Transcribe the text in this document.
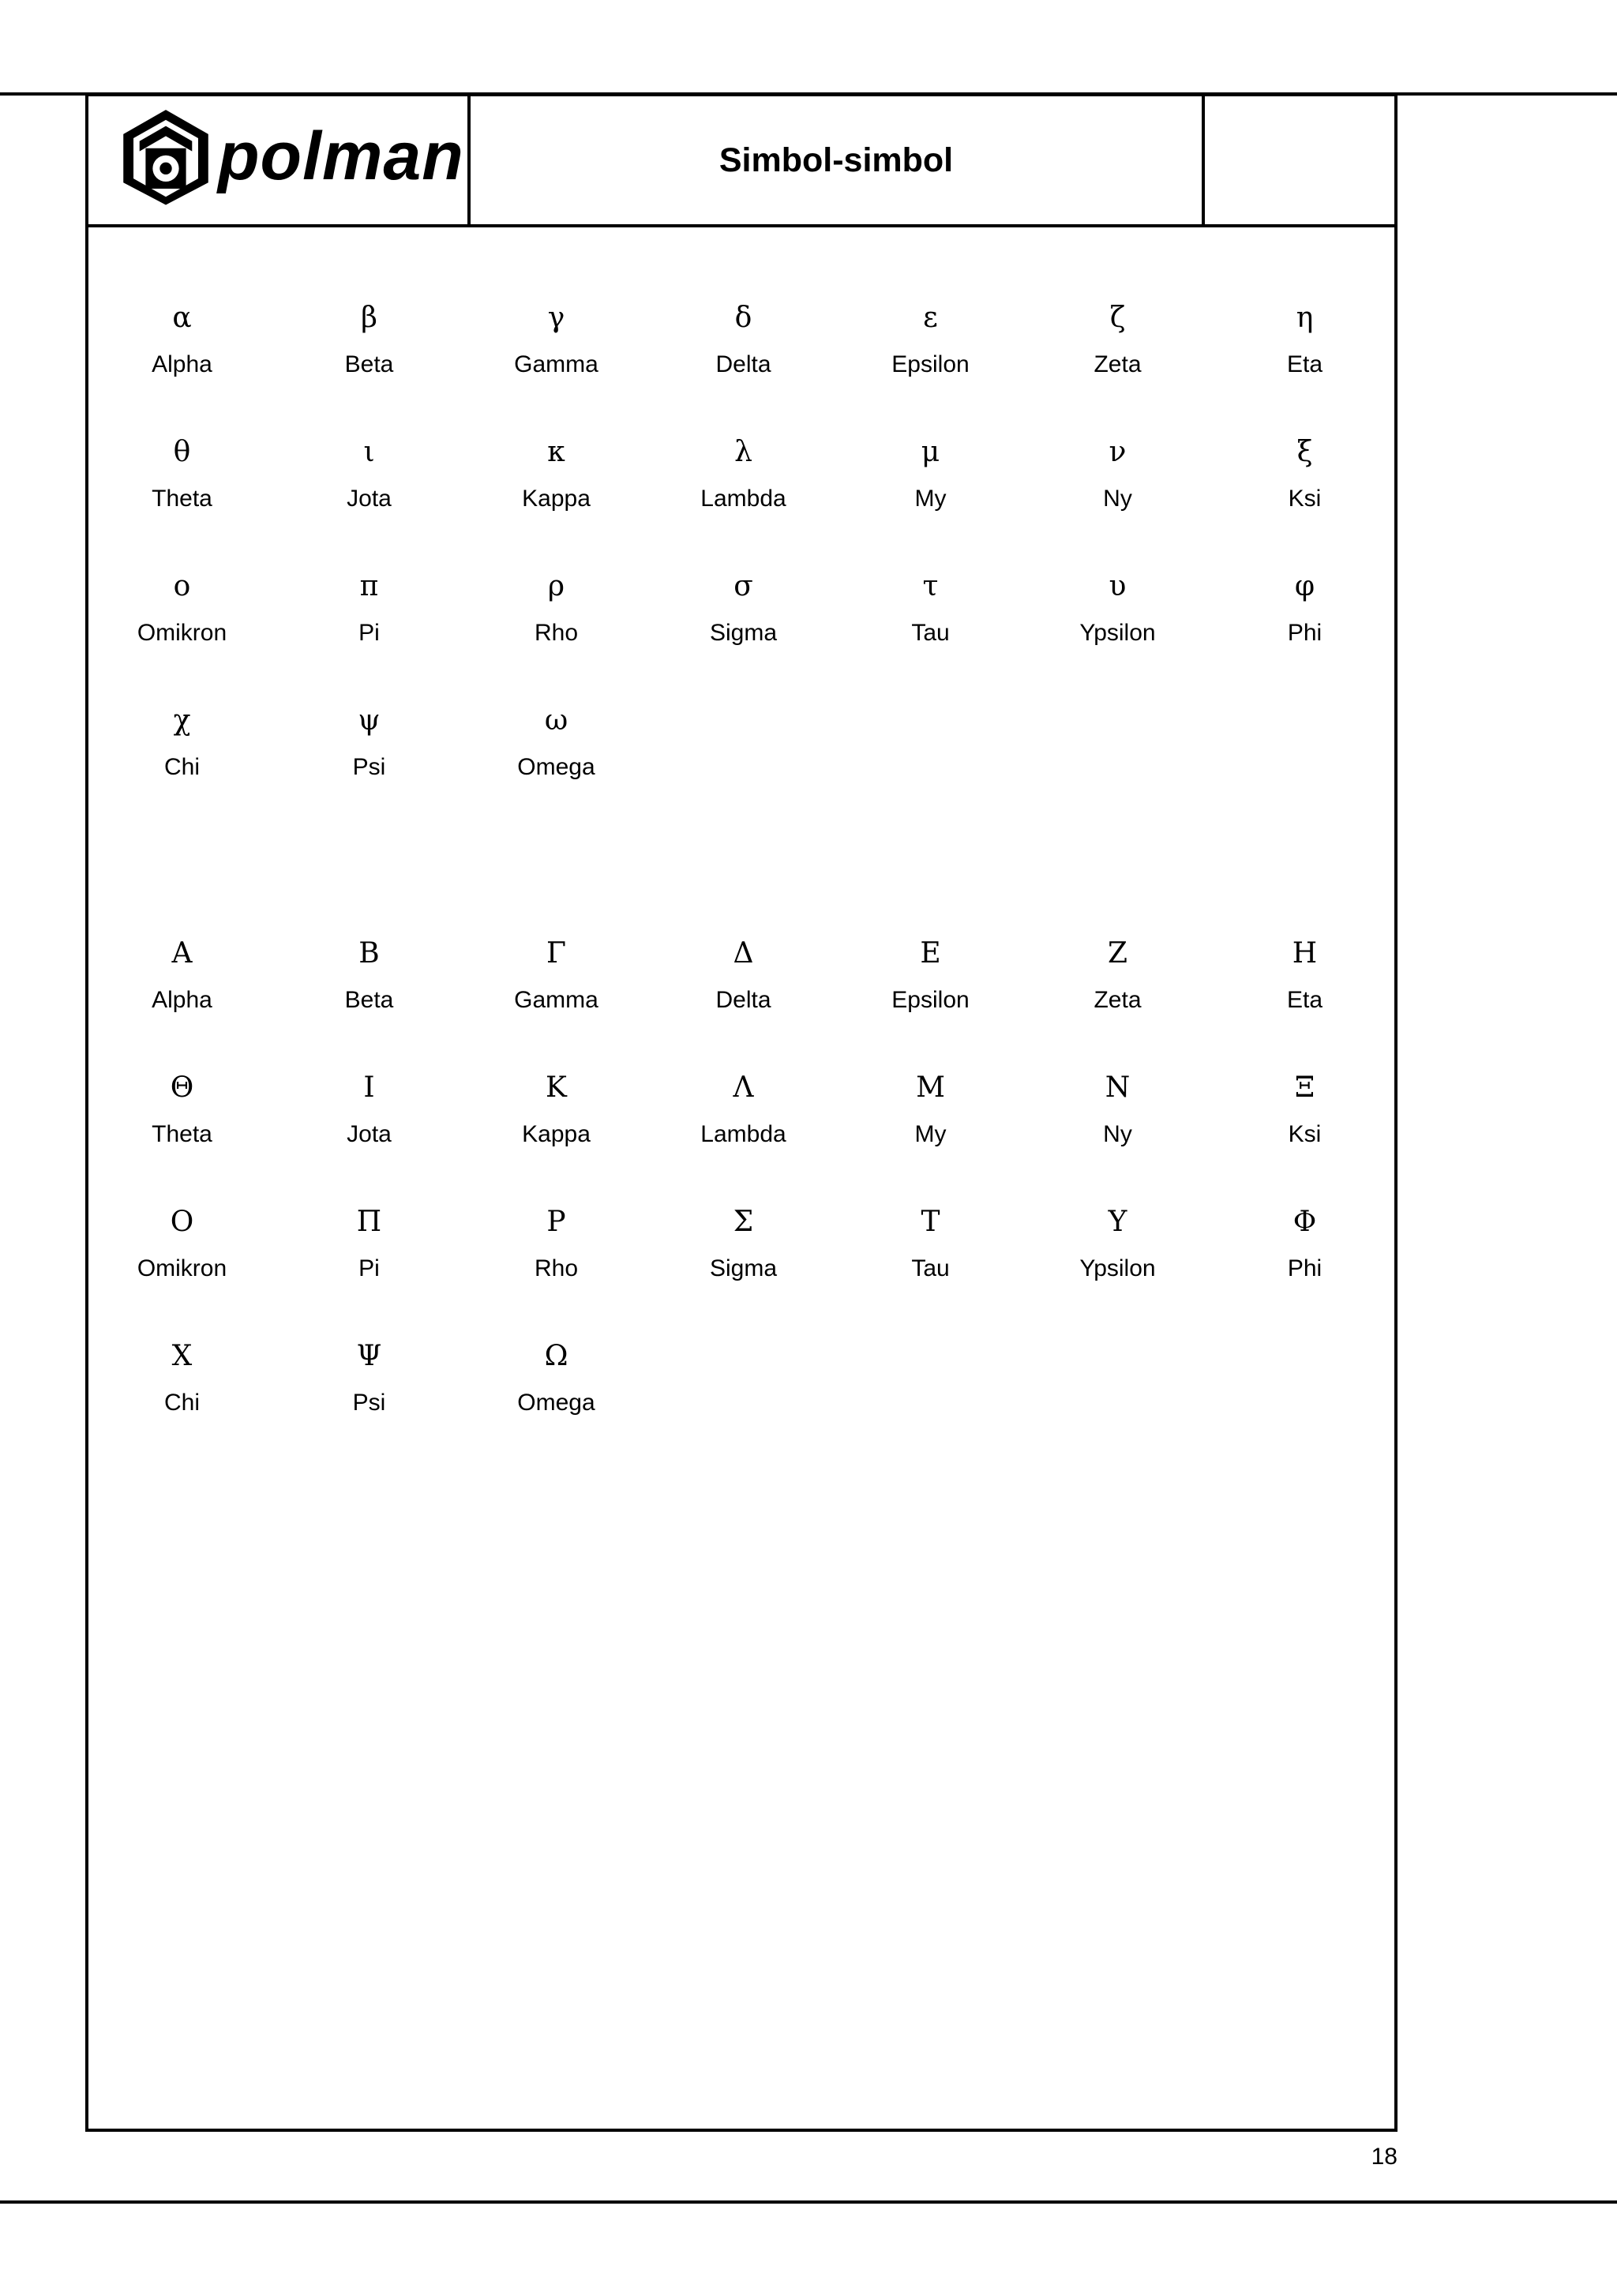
polman	Simbol-simbol
α
Alpha
β
Beta
γ
Gamma
δ
Delta
ε
Epsilon
ζ
Zeta
η
Eta
θ
Theta
ι
Jota
κ
Kappa
λ
Lambda
μ
My
ν
Ny
ξ
Ksi
ο
Omikron
π
Pi
ρ
Rho
σ
Sigma
τ
Tau
υ
Ypsilon
φ
Phi
χ
Chi
ψ
Psi
ω
Omega
Α
Alpha
Β
Beta
Γ
Gamma
Δ
Delta
Ε
Epsilon
Ζ
Zeta
Η
Eta
Θ
Theta
Ι
Jota
Κ
Kappa
Λ
Lambda
Μ
My
Ν
Ny
Ξ
Ksi
Ο
Omikron
Π
Pi
Ρ
Rho
Σ
Sigma
Τ
Tau
Υ
Ypsilon
Φ
Phi
Χ
Chi
Ψ
Psi
Ω
Omega
18
